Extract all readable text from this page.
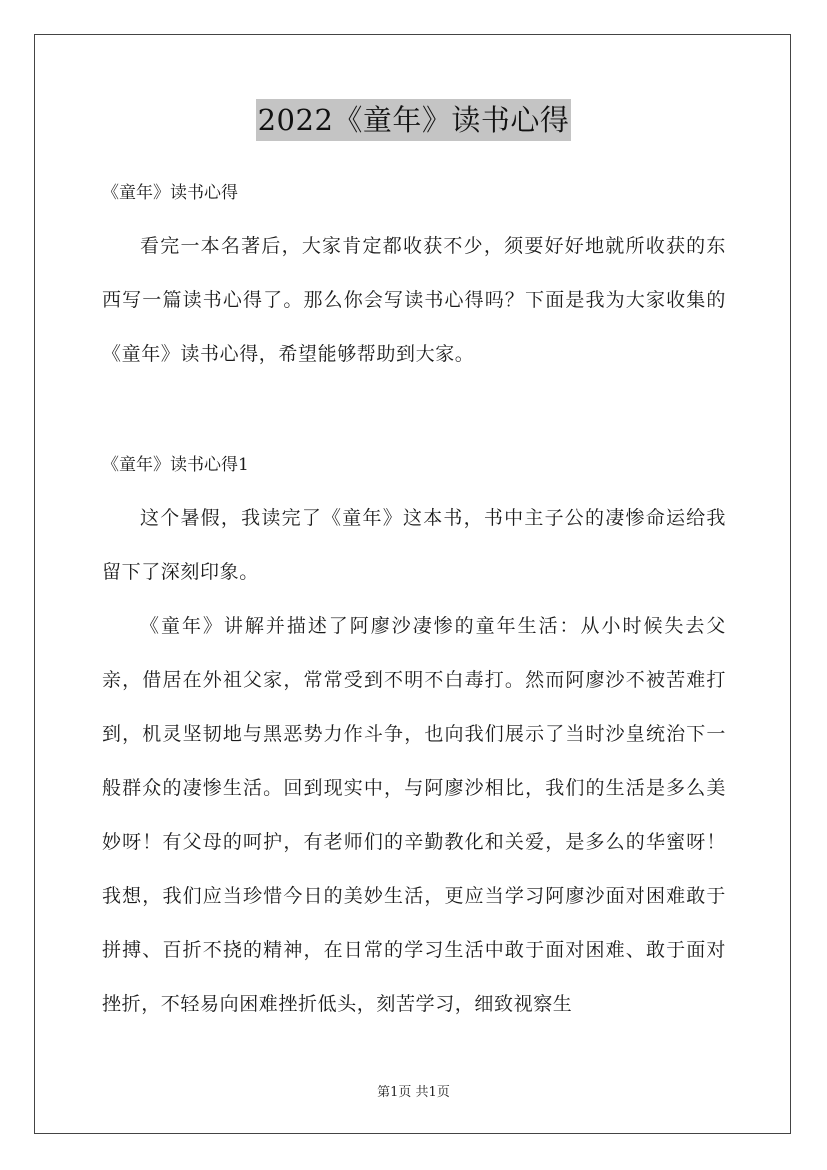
2022《童年》读书心得
《童年》读书心得
看完一本名著后，大家肯定都收获不少，须要好好地就所收获的东西写一篇读书心得了。那么你会写读书心得吗？下面是我为大家收集的《童年》读书心得，希望能够帮助到大家。
《童年》读书心得1
这个暑假，我读完了《童年》这本书，书中主子公的凄惨命运给我留下了深刻印象。
《童年》讲解并描述了阿廖沙凄惨的童年生活：从小时候失去父亲，借居在外祖父家，常常受到不明不白毒打。然而阿廖沙不被苦难打到，机灵坚韧地与黑恶势力作斗争，也向我们展示了当时沙皇统治下一般群众的凄惨生活。回到现实中，与阿廖沙相比，我们的生活是多么美妙呀！有父母的呵护，有老师们的辛勤教化和关爱，是多么的华蜜呀！我想，我们应当珍惜今日的美妙生活，更应当学习阿廖沙面对困难敢于拼搏、百折不挠的精神，在日常的学习生活中敢于面对困难、敢于面对挫折，不轻易向困难挫折低头，刻苦学习，细致视察生
第1页 共1页
